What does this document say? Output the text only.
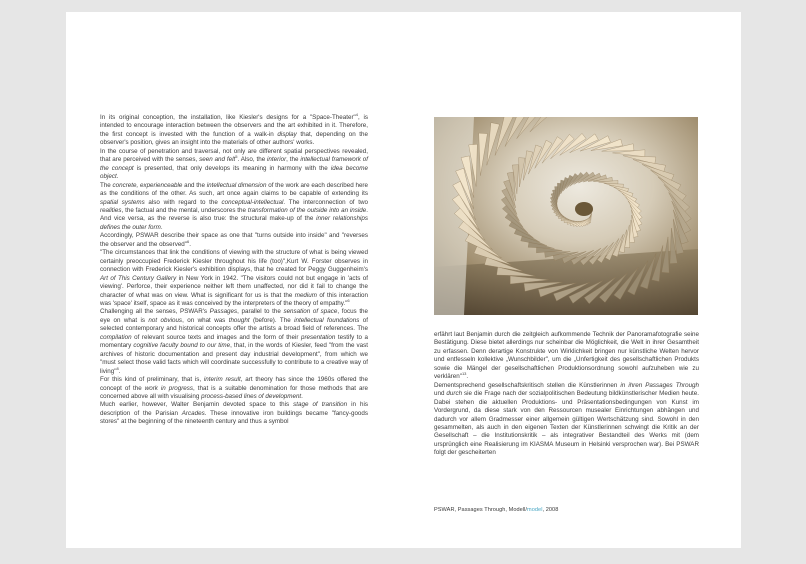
In its original conception, the installation, like Kiesler's designs for a "Space-Theater"$^4$, is intended to encourage interaction between the observers and the art exhibited in it. Therefore, the first concept is invested with the function of a walk-in display that, depending on the observer's position, gives an insight into the materials of other authors' works.

In the course of penetration and traversal, not only are different spatial perspectives revealed, that are perceived with the senses, seen and felt$^5$. Also, the interior, the intellectual framework of the concept is presented, that only develops its meaning in harmony with the idea become object.

The concrete, experienceable and the intellectual dimension of the work are each described here as the conditions of the other. As such, art once again claims to be capable of extending its spatial systems also with regard to the conceptual-intellectual. The interconnection of two realities, the factual and the mental, underscores the transformation of the outside into an inside. And vice versa, as the reverse is also true: the structural make-up of the inner relationships defines the outer form.

Accordingly, PSWAR describe their space as one that "turns outside into inside" and "reverses the observer and the observed"$^6$.

"The circumstances that link the conditions of viewing with the structure of what is being viewed certainly preoccupied Frederick Kiesler throughout his life (too)",Kurt W. Forster observes in connection with Frederick Kiesler's exhibition displays, that he created for Peggy Guggenheim's Art of This Century Gallery in New York in 1942. "The visitors could not but engage in 'acts of viewing'. Perforce, their experience neither left them unaffected, nor did it fail to change the character of what was on view. What is significant for us is that the medium of this interaction was 'space' itself, space as it was conceived by the interpreters of the theory of empathy."$^6$

Challenging all the senses, PSWAR's Passages, parallel to the sensation of space, focus the eye on what is not obvious, on what was thought (before). The intellectual foundations of selected contemporary and historical concepts offer the artists a broad field of references. The compilation of relevant source texts and images and the form of their presentation testify to a momentary cognitive faculty bound to our time, that, in the words of Kiesler, feed "from the vast archives of historic documentation and present day industrial development", from which we "must select those valid facts which will coordinate successfully to contribute to a creative way of living"$^8$.

For this kind of preliminary, that is, interim result, art theory has since the 1960s offered the concept of the work in progress, that is a suitable denomination for those methods that are concerned above all with visualising process-based lines of development.

Much earlier, however, Walter Benjamin devoted space to this stage of transition in his description of the Parisian Arcades. These innovative iron buildings became "fancy-goods stores" at the beginning of the nineteenth century and thus a symbol

erfährt laut Benjamin durch die zeitgleich aufkommende Technik der Panoramafotografie seine Bestätigung. Diese bietet allerdings nur scheinbar die Möglichkeit, die Welt in ihrer Gesamtheit zu erfassen. Denn derartige Konstrukte von Wirklichkeit bringen nur künstliche Welten hervor und entfesseln kollektive „Wunschbilder", um die „Unfertigkeit des gesellschaftlichen Produkts sowie die Mängel der gesellschaftlichen Produktionsordnung sowohl aufzuheben wie zu verklären"$^{13}$.

Dementsprechend gesellschaftskritisch stellen die Künstlerinnen in ihren Passages Through und durch sie die Frage nach der sozialpolitischen Bedeutung bildkünstlerischer Medien heute. Dabei stehen die aktuellen Produktions- und Präsentationsbedingungen von Kunst im Vordergrund, da diese stark von den Ressourcen musealer Einrichtungen abhängen und dadurch vor allem Gradmesser einer allgemein gültigen Wertschätzung sind. Sowohl in den gesammelten, als auch in den eigenen Texten der Künstlerinnen schwingt die Kritik an der Gesellschaft – die Institutionskritik – als integrativer Bestandteil des Werks mit (dem ursprünglich eine Realisierung im KIASMA Museum in Helsinki versprochen war). Bei PSWAR folgt der gescheiterten

PSWAR, Passages Through, Modell/model, 2008
